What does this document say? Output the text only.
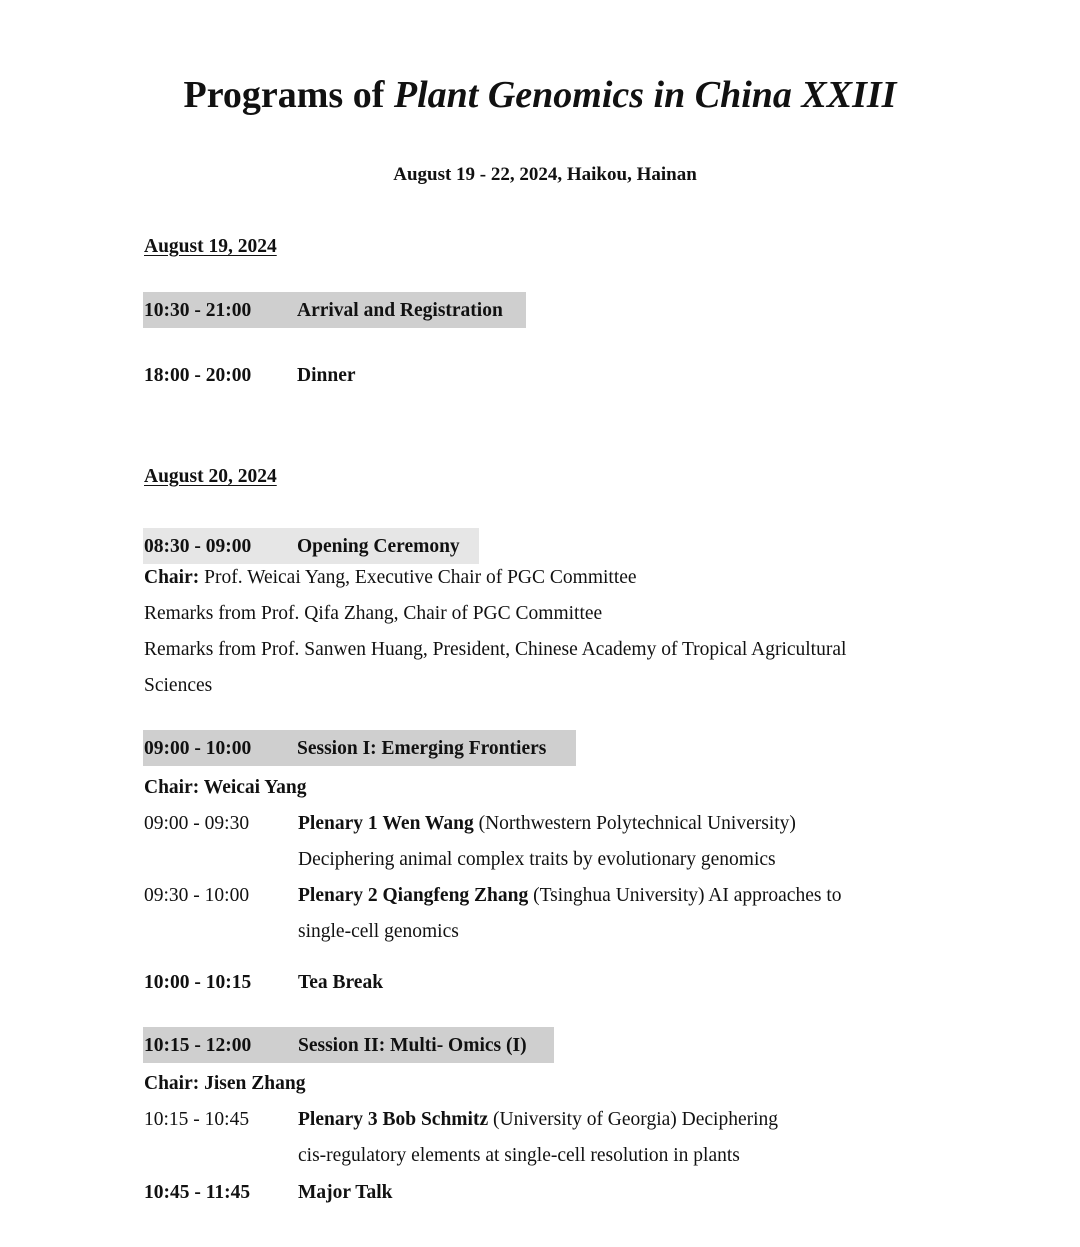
Programs of Plant Genomics in China XXIII
August 19 - 22, 2024, Haikou, Hainan
August 19, 2024
10:30 - 21:00 Arrival and Registration
18:00 - 20:00 Dinner
August 20, 2024
08:30 - 09:00 Opening Ceremony
Chair: Prof. Weicai Yang, Executive Chair of PGC Committee
Remarks from Prof. Qifa Zhang, Chair of PGC Committee
Remarks from Prof. Sanwen Huang, President, Chinese Academy of Tropical Agricultural
Sciences
09:00 - 10:00 Session I: Emerging Frontiers
Chair: Weicai Yang
09:00 - 09:30	Plenary 1 Wen Wang (Northwestern Polytechnical University)
Deciphering animal complex traits by evolutionary genomics
09:30 - 10:00	Plenary 2 Qiangfeng Zhang (Tsinghua University) AI approaches to
single-cell genomics
10:00 - 10:15 Tea Break
10:15 - 12:00 Session II: Multi- Omics (I)
Chair: Jisen Zhang
10:15 - 10:45	Plenary 3 Bob Schmitz (University of Georgia) Deciphering
cis-regulatory elements at single-cell resolution in plants
10:45 - 11:45 Major Talk
